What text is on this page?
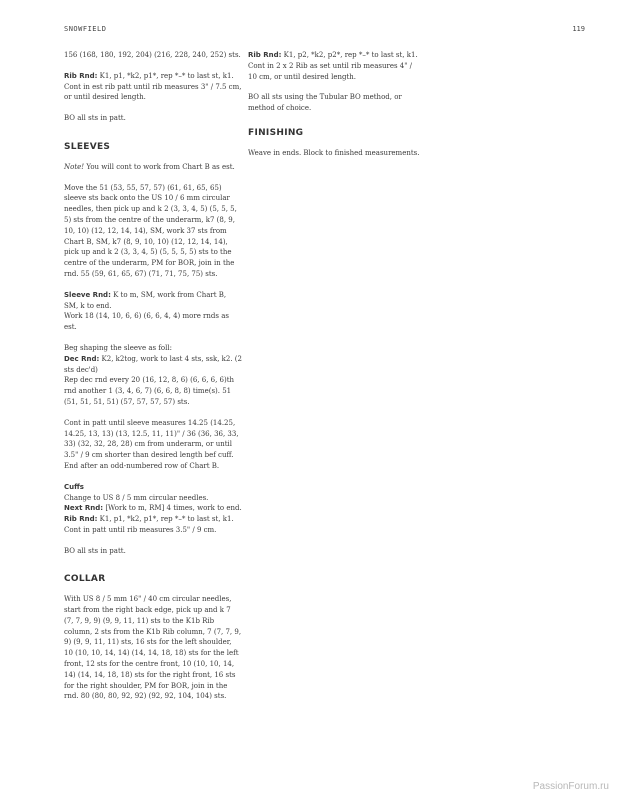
SNOWFIELD	119

156 (168, 180, 192, 204) (216, 228, 240, 252) sts.

Rib Rnd: K1, p1, *k2, p1*, rep *–* to last st, k1. Cont in est rib patt until rib measures 3" / 7.5 cm, or until desired length.

BO all sts in patt.

SLEEVES

Note! You will cont to work from Chart B as est.

Move the 51 (53, 55, 57, 57) (61, 61, 65, 65) sleeve sts back onto the US 10 / 6 mm circular needles, then pick up and k 2 (3, 3, 4, 5) (5, 5, 5, 5) sts from the centre of the underarm, k7 (8, 9, 10, 10) (12, 12, 14, 14), SM, work 37 sts from Chart B, SM, k7 (8, 9, 10, 10) (12, 12, 14, 14), pick up and k 2 (3, 3, 4, 5) (5, 5, 5, 5) sts to the centre of the underarm, PM for BOR, join in the rnd. 55 (59, 61, 65, 67) (71, 71, 75, 75) sts.

Sleeve Rnd: K to m, SM, work from Chart B, SM, k to end.
Work 18 (14, 10, 6, 6) (6, 6, 4, 4) more rnds as est.

Beg shaping the sleeve as foll:
Dec Rnd: K2, k2tog, work to last 4 sts, ssk, k2. (2 sts dec'd)
Rep dec rnd every 20 (16, 12, 8, 6) (6, 6, 6, 6)th rnd another 1 (3, 4, 6, 7) (6, 6, 8, 8) time(s). 51 (51, 51, 51, 51) (57, 57, 57, 57) sts.

Cont in patt until sleeve measures 14.25 (14.25, 14.25, 13, 13) (13, 12.5, 11, 11)" / 36 (36, 36, 33, 33) (32, 32, 28, 28) cm from underarm, or until 3.5" / 9 cm shorter than desired length bef cuff. End after an odd-numbered row of Chart B.

Cuffs

Change to US 8 / 5 mm circular needles.
Next Rnd: [Work to m, RM] 4 times, work to end.
Rib Rnd: K1, p1, *k2, p1*, rep *–* to last st, k1. Cont in patt until rib measures 3.5" / 9 cm.

BO all sts in patt.

COLLAR

With US 8 / 5 mm 16" / 40 cm circular needles, start from the right back edge, pick up and k 7 (7, 7, 9, 9) (9, 9, 11, 11) sts to the K1b Rib column, 2 sts from the K1b Rib column, 7 (7, 7, 9, 9) (9, 9, 11, 11) sts, 16 sts for the left shoulder, 10 (10, 10, 14, 14) (14, 14, 18, 18) sts for the left front, 12 sts for the centre front, 10 (10, 10, 14, 14) (14, 14, 18, 18) sts for the right front, 16 sts for the right shoulder, PM for BOR, join in the rnd. 80 (80, 80, 92, 92) (92, 92, 104, 104) sts.

Rib Rnd: K1, p2, *k2, p2*, rep *–* to last st, k1. Cont in 2 x 2 Rib as set until rib measures 4" / 10 cm, or until desired length.

BO all sts using the Tubular BO method, or method of choice.

FINISHING

Weave in ends. Block to finished measurements.

PassionForum.ru
